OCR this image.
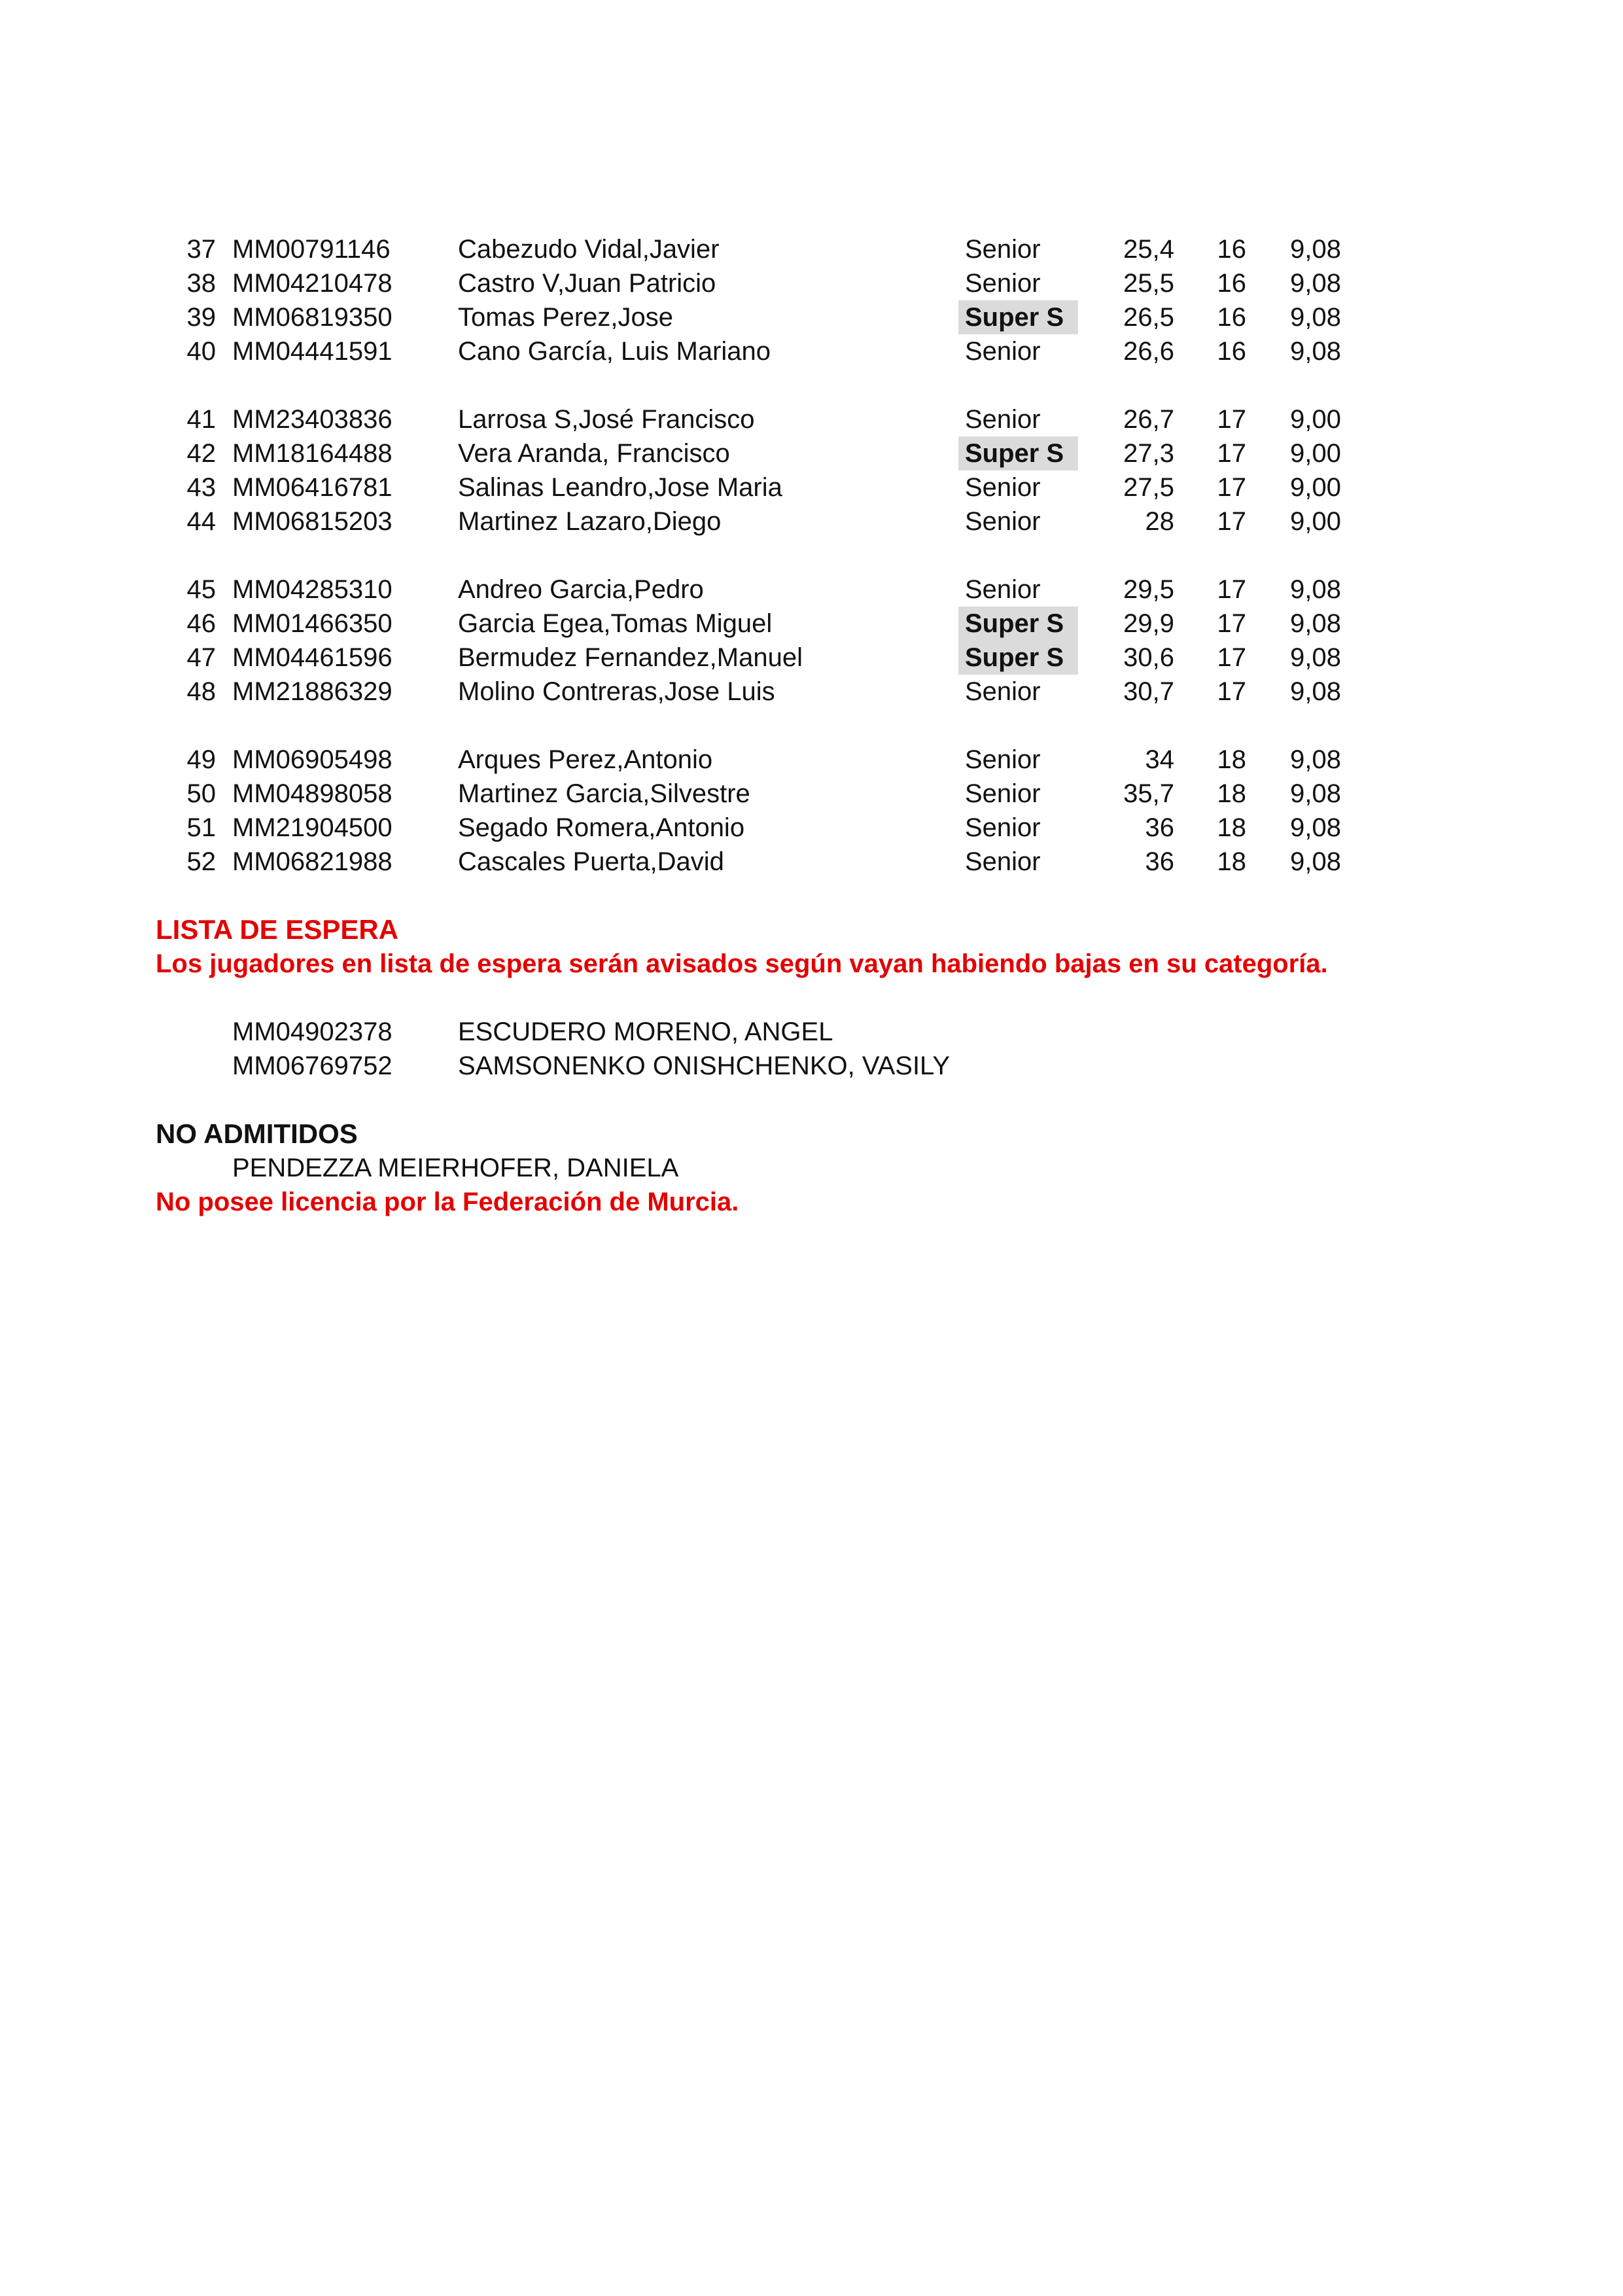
37 MM00791146	Cabezudo Vidal,Javier	Senior	25,4	16	9,08
38 MM04210478	Castro V,Juan Patricio	Senior	25,5	16	9,08
39 MM06819350	Tomas Perez,Jose	Super S	26,5	16	9,08
40 MM04441591	Cano García, Luis Mariano	Senior	26,6	16	9,08
41 MM23403836	Larrosa S,José Francisco	Senior	26,7	17	9,00
42 MM18164488	Vera Aranda, Francisco	Super S	27,3	17	9,00
43 MM06416781	Salinas Leandro,Jose Maria	Senior	27,5	17	9,00
44 MM06815203	Martinez Lazaro,Diego	Senior	28	17	9,00
45 MM04285310	Andreo Garcia,Pedro	Senior	29,5	17	9,08
46 MM01466350	Garcia Egea,Tomas Miguel	Super S	29,9	17	9,08
47 MM04461596	Bermudez Fernandez,Manuel	Super S	30,6	17	9,08
48 MM21886329	Molino Contreras,Jose Luis	Senior	30,7	17	9,08
49 MM06905498	Arques Perez,Antonio	Senior	34	18	9,08
50 MM04898058	Martinez Garcia,Silvestre	Senior	35,7	18	9,08
51 MM21904500	Segado Romera,Antonio	Senior	36	18	9,08
52 MM06821988	Cascales Puerta,David	Senior	36	18	9,08
LISTA DE ESPERA
Los jugadores en lista de espera serán avisados según vayan habiendo bajas en su categoría.
MM04902378	ESCUDERO MORENO, ANGEL
MM06769752	SAMSONENKO ONISHCHENKO, VASILY
NO ADMITIDOS
PENDEZZA MEIERHOFER, DANIELA
No posee licencia por la Federación de Murcia.
